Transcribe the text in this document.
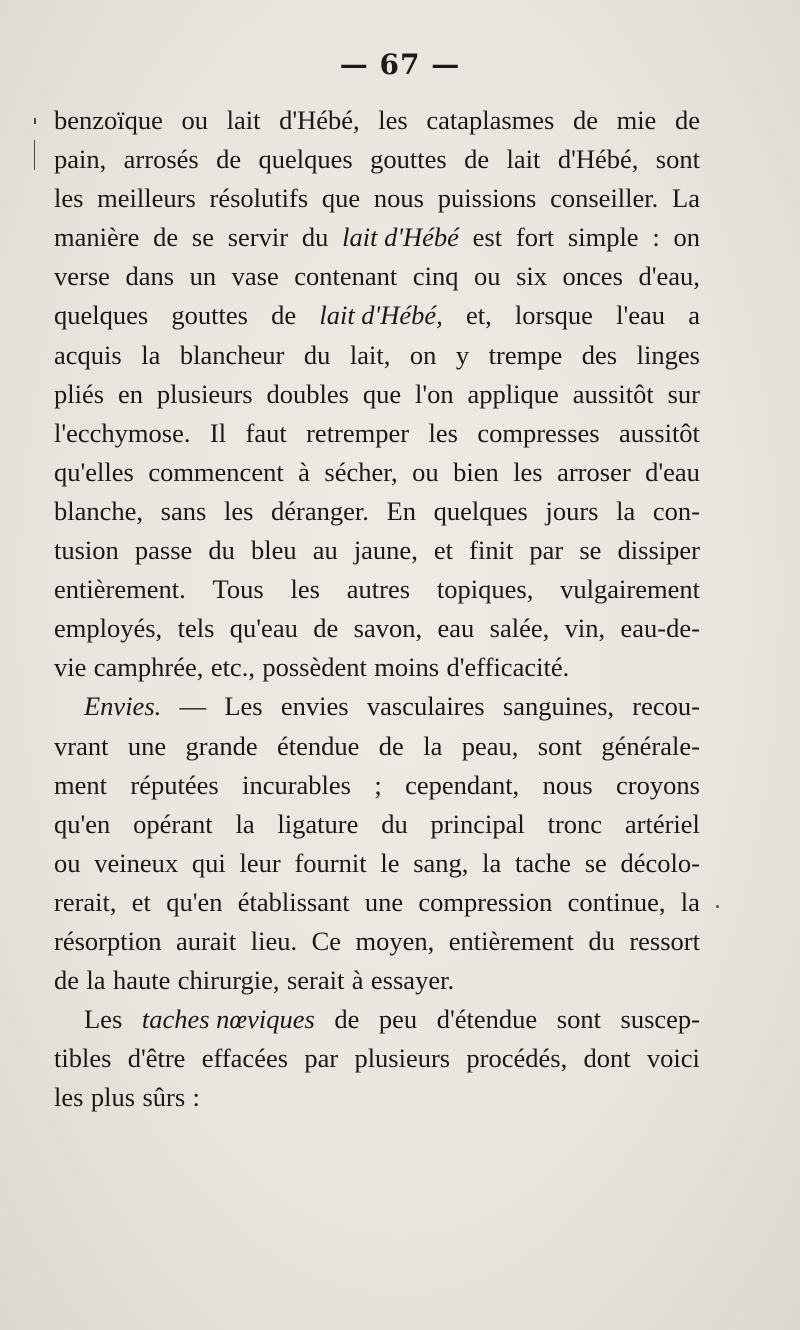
— 67 —
benzoïque ou lait d'Hébé, les cataplasmes de mie de
pain, arrosés de quelques gouttes de lait d'Hébé, sont
les meilleurs résolutifs que nous puissions conseiller. La
manière de se servir du lait d'Hébé est fort simple : on
verse dans un vase contenant cinq ou six onces d'eau,
quelques gouttes de lait d'Hébé, et, lorsque l'eau a
acquis la blancheur du lait, on y trempe des linges
pliés en plusieurs doubles que l'on applique aussitôt sur
l'ecchymose. Il faut retremper les compresses aussitôt
qu'elles commencent à sécher, ou bien les arroser d'eau
blanche, sans les déranger. En quelques jours la con-
tusion passe du bleu au jaune, et finit par se dissiper
entièrement. Tous les autres topiques, vulgairement
employés, tels qu'eau de savon, eau salée, vin, eau-de-
vie camphrée, etc., possèdent moins d'efficacité.
Envies. — Les envies vasculaires sanguines, recou-
vrant une grande étendue de la peau, sont générale-
ment réputées incurables ; cependant, nous croyons
qu'en opérant la ligature du principal tronc artériel
ou veineux qui leur fournit le sang, la tache se décolo-
rerait, et qu'en établissant une compression continue, la
résorption aurait lieu. Ce moyen, entièrement du ressort
de la haute chirurgie, serait à essayer.
Les taches nœviques de peu d'étendue sont suscep-
tibles d'être effacées par plusieurs procédés, dont voici
les plus sûrs :
